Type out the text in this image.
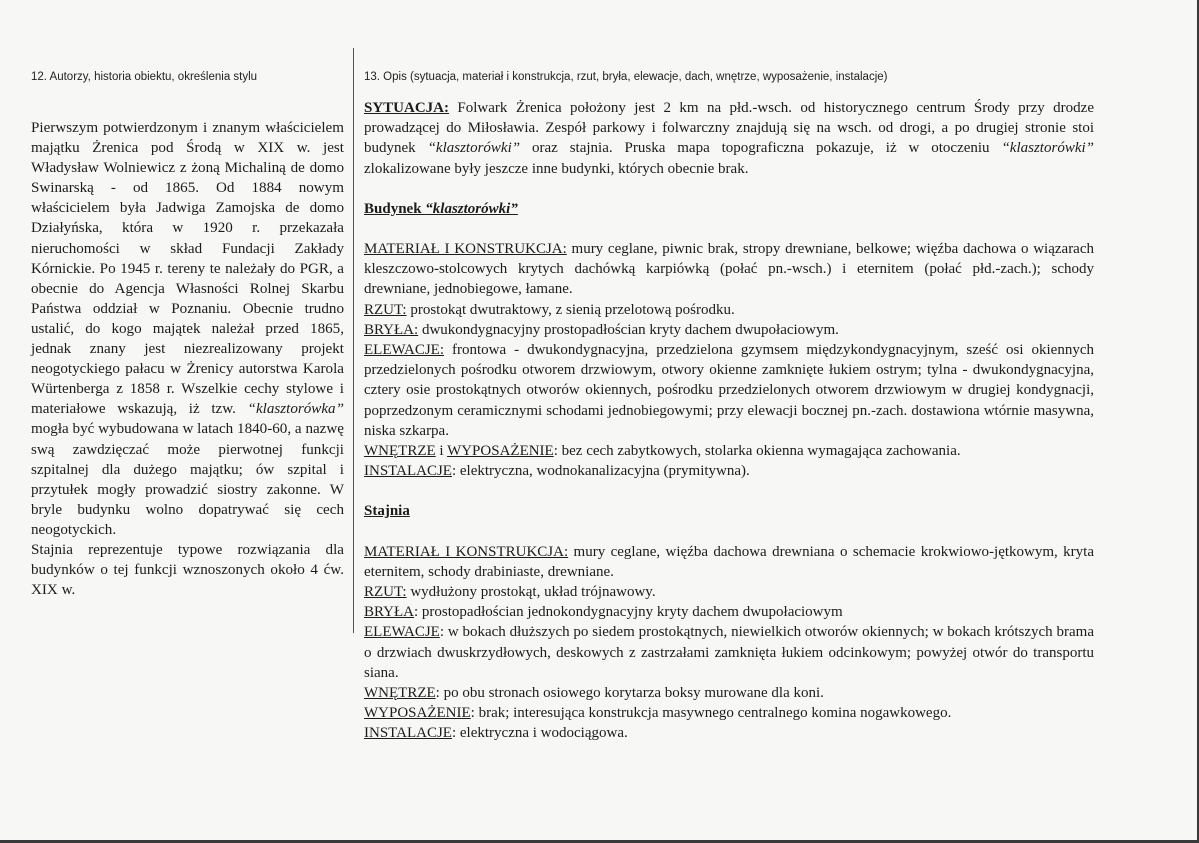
12. Autorzy, historia obiektu, określenia stylu	13. Opis (sytuacja, materiał i konstrukcja, rzut, bryła, elewacje, dach, wnętrze, wyposażenie, instalacje)

Pierwszym potwierdzonym i znanym właścicielem majątku Żrenica pod Środą w XIX w. jest Władysław Wolniewicz z żoną Michaliną de domo Swinarską - od 1865. Od 1884 nowym właścicielem była Jadwiga Zamojska de domo Działyńska, która w 1920 r. przekazała nieruchomości w skład Fundacji Zakłady Kórnickie. Po 1945 r. tereny te należały do PGR, a obecnie do Agencja Własności Rolnej Skarbu Państwa oddział w Poznaniu. Obecnie trudno ustalić, do kogo majątek należał przed 1865, jednak znany jest niezrealizowany projekt neogotyckiego pałacu w Żrenicy autorstwa Karola Würtenberga z 1858 r. Wszelkie cechy stylowe i materiałowe wskazują, iż tzw. “klasztorówka” mogła być wybudowana w latach 1840-60, a nazwę swą zawdzięczać może pierwotnej funkcji szpitalnej dla dużego majątku; ów szpital i przytułek mogły prowadzić siostry zakonne. W bryle budynku wolno dopatrywać się cech neogotyckich.

Stajnia reprezentuje typowe rozwiązania dla budynków o tej funkcji wznoszonych około 4 ćw. XIX w.

SYTUACJA: Folwark Żrenica położony jest 2 km na płd.-wsch. od historycznego centrum Środy przy drodze prowadzącej do Miłosławia. Zespół parkowy i folwarczny znajdują się na wsch. od drogi, a po drugiej stronie stoi budynek “klasztorówki” oraz stajnia. Pruska mapa topograficzna pokazuje, iż w otoczeniu “klasztorówki” zlokalizowane były jeszcze inne budynki, których obecnie brak.

Budynek “klasztorówki”

MATERIAŁ I KONSTRUKCJA: mury ceglane, piwnic brak, stropy drewniane, belkowe; więźba dachowa o wiązarach kleszczowo-stolcowych krytych dachówką karpiówką (połać pn.-wsch.) i eternitem (połać płd.-zach.); schody drewniane, jednobiegowe, łamane.

RZUT: prostokąt dwutraktowy, z sienią przelotową pośrodku.

BRYŁA: dwukondygnacyjny prostopadłościan kryty dachem dwupołaciowym.

ELEWACJE: frontowa - dwukondygnacyjna, przedzielona gzymsem międzykondygnacyjnym, sześć osi okiennych przedzielonych pośrodku otworem drzwiowym, otwory okienne zamknięte łukiem ostrym; tylna - dwukondygnacyjna, cztery osie prostokątnych otworów okiennych, pośrodku przedzielonych otworem drzwiowym w drugiej kondygnacji, poprzedzonym ceramicznymi schodami jednobiegowymi; przy elewacji bocznej pn.-zach. dostawiona wtórnie masywna, niska szkarpa.

WNĘTRZE i WYPOSAŻENIE: bez cech zabytkowych, stolarka okienna wymagająca zachowania.

INSTALACJE: elektryczna, wodnokanalizacyjna (prymitywna).

Stajnia

MATERIAŁ I KONSTRUKCJA: mury ceglane, więźba dachowa drewniana o schemacie krokwiowo-jętkowym, kryta eternitem, schody drabiniaste, drewniane.

RZUT: wydłużony prostokąt, układ trójnawowy.

BRYŁA: prostopadłościan jednokondygnacyjny kryty dachem dwupołaciowym

ELEWACJE: w bokach dłuższych po siedem prostokątnych, niewielkich otworów okiennych; w bokach krótszych brama o drzwiach dwuskrzydłowych, deskowych z zastrzałami zamknięta łukiem odcinkowym; powyżej otwór do transportu siana.

WNĘTRZE: po obu stronach osiowego korytarza boksy murowane dla koni.

WYPOSAŻENIE: brak; interesująca konstrukcja masywnego centralnego komina nogawkowego.

INSTALACJE: elektryczna i wodociągowa.
